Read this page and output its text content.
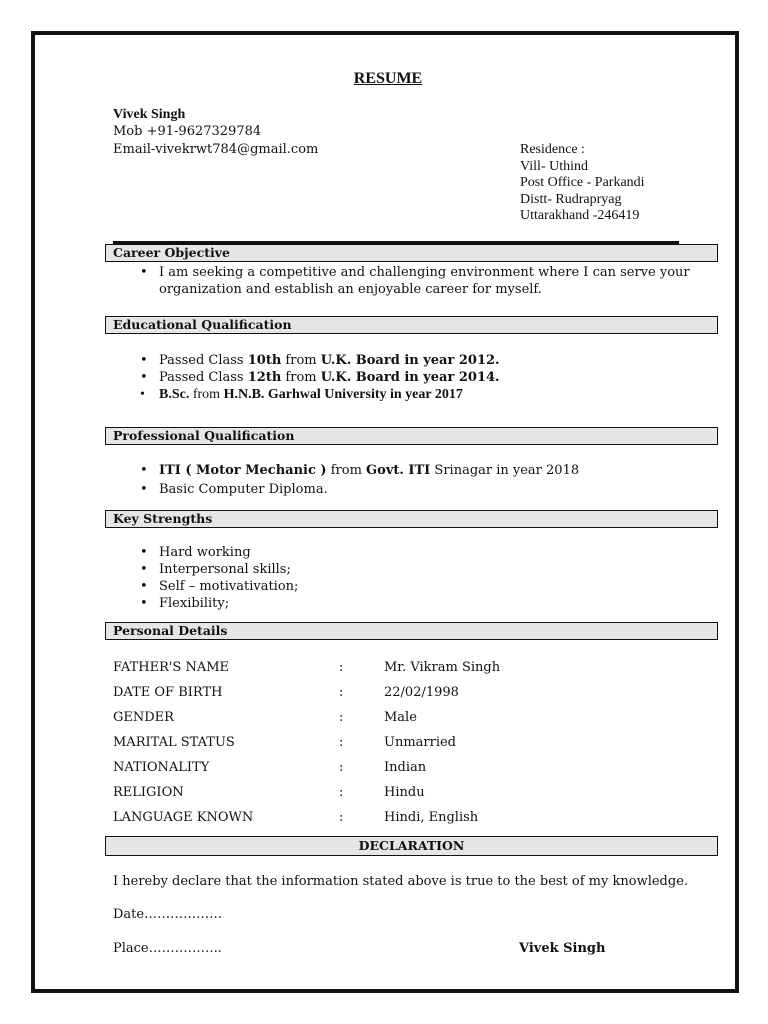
RESUME
Vivek Singh
Mob +91-9627329784
Email-vivekrwt784@gmail.com	Residence :
Vill- Uthind
Post Office - Parkandi
Distt- Rudrapryag
Uttarakhand -246419
Career Objective
• I am seeking a competitive and challenging environment where I can serve your
organization and establish an enjoyable career for myself.
Educational Qualification
• Passed Class 10th from U.K. Board in year 2012.
• Passed Class 12th from U.K. Board in year 2014.
• B.Sc. from H.N.B. Garhwal University in year 2017
Professional Qualification
• ITI ( Motor Mechanic ) from Govt. ITI Srinagar in year 2018
• Basic Computer Diploma.
Key Strengths
• Hard working
• Interpersonal skills;
• Self – motivativation;
• Flexibility;
Personal Details
FATHER'S NAME	:	Mr. Vikram Singh
DATE OF BIRTH	:	22/02/1998
GENDER	:	Male
MARITAL STATUS	:	Unmarried
NATIONALITY	:	Indian
RELIGION	:	Hindu
LANGUAGE KNOWN	:	Hindi, English
DECLARATION
I hereby declare that the information stated above is true to the best of my knowledge.
Date………………
Place……………..	Vivek Singh
